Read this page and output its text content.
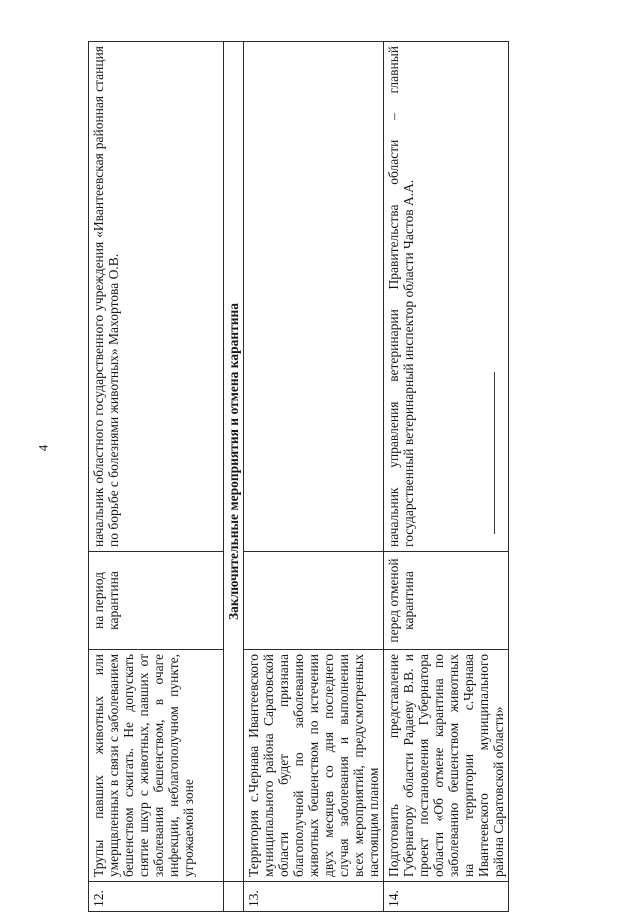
4
12.	Трупы павших животных или умерщвленных в связи с заболеванием бешенством сжигать. Не допускать снятие шкур с животных, павших от заболевания бешенством, в очаге инфекции, неблагополучном пункте, угрожаемой зоне	на период карантина	начальник областного государственного учреждения «Ивантеевская районная станция по борьбе с болезнями животных» Махортова О.В.
	Заключительные мероприятия и отмена карантина		
13.	Территория с.Чернава Ивантеевского муниципального района Саратовской области будет признана благополучной по заболеванию животных бешенством по истечении двух месяцев со дня последнего случая заболевания и выполнении всех мероприятий, предусмотренных настоящим планом		
14.	Подготовить представление Губернатору области Радаеву В.В. и проект постановления Губернатора области «Об отмене карантина по заболеванию бешенством животных на территории с.Чернава Ивантеевского муниципального района Саратовской области»	перед отменой карантина	начальник управления ветеринарии Правительства области – главный государственный ветеринарный инспектор области Частов А.А.
